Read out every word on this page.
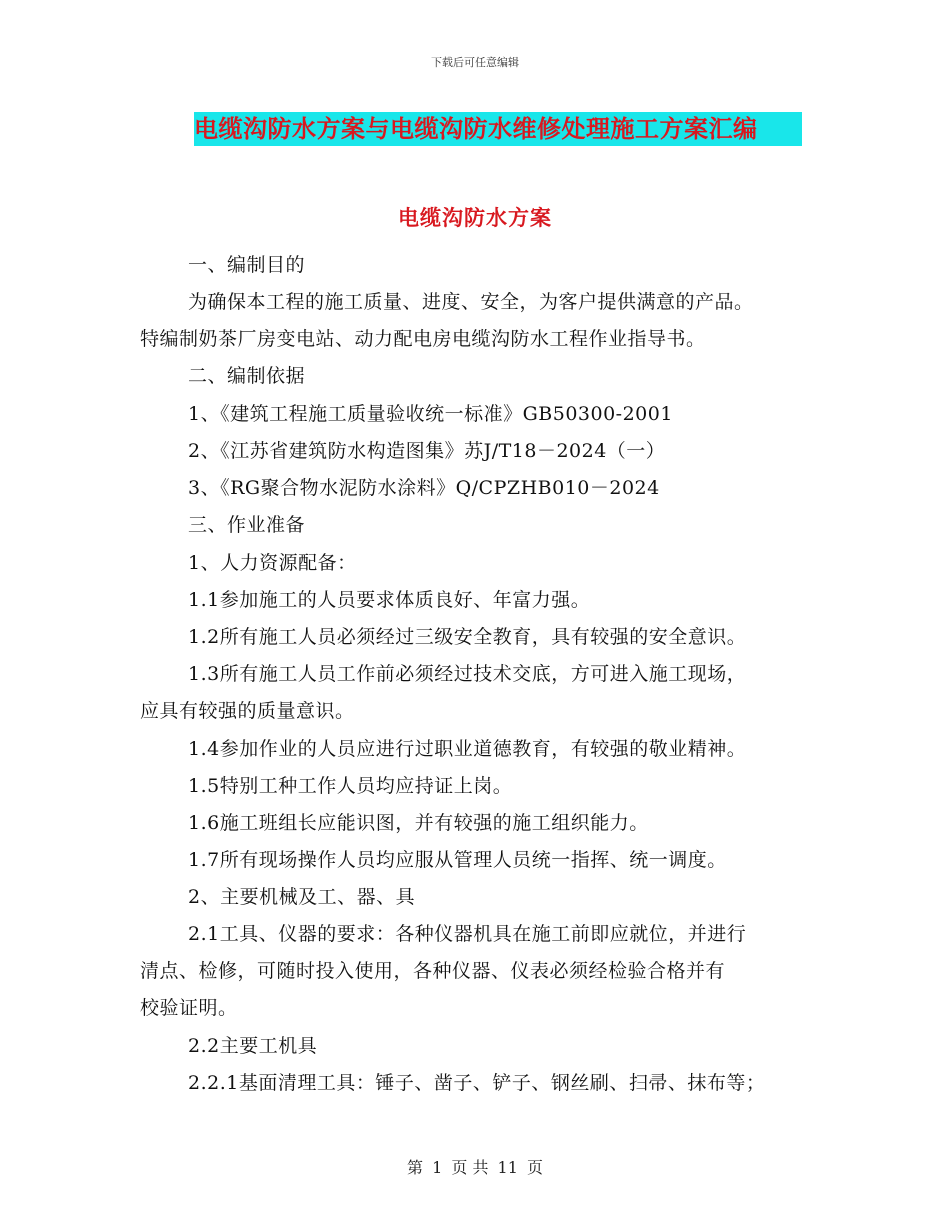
下载后可任意编辑
电缆沟防水方案与电缆沟防水维修处理施工方案汇编
电缆沟防水方案
一、编制目的
为确保本工程的施工质量、进度、安全，为客户提供满意的产品。
特编制奶茶厂房变电站、动力配电房电缆沟防水工程作业指导书。
二、编制依据
1、《建筑工程施工质量验收统一标准》GB50300-2001
2、《江苏省建筑防水构造图集》苏J/T18－2024（一）
3、《RG聚合物水泥防水涂料》Q/CPZHB010－2024
三、作业准备
1、人力资源配备：
1.1参加施工的人员要求体质良好、年富力强。
1.2所有施工人员必须经过三级安全教育，具有较强的安全意识。
1.3所有施工人员工作前必须经过技术交底，方可进入施工现场，
应具有较强的质量意识。
1.4参加作业的人员应进行过职业道德教育，有较强的敬业精神。
1.5特别工种工作人员均应持证上岗。
1.6施工班组长应能识图，并有较强的施工组织能力。
1.7所有现场操作人员均应服从管理人员统一指挥、统一调度。
2、主要机械及工、器、具
2.1工具、仪器的要求：各种仪器机具在施工前即应就位，并进行
清点、检修，可随时投入使用，各种仪器、仪表必须经检验合格并有
校验证明。
2.2主要工机具
2.2.1基面清理工具：锤子、凿子、铲子、钢丝刷、扫帚、抹布等；
第 1 页 共 11 页
